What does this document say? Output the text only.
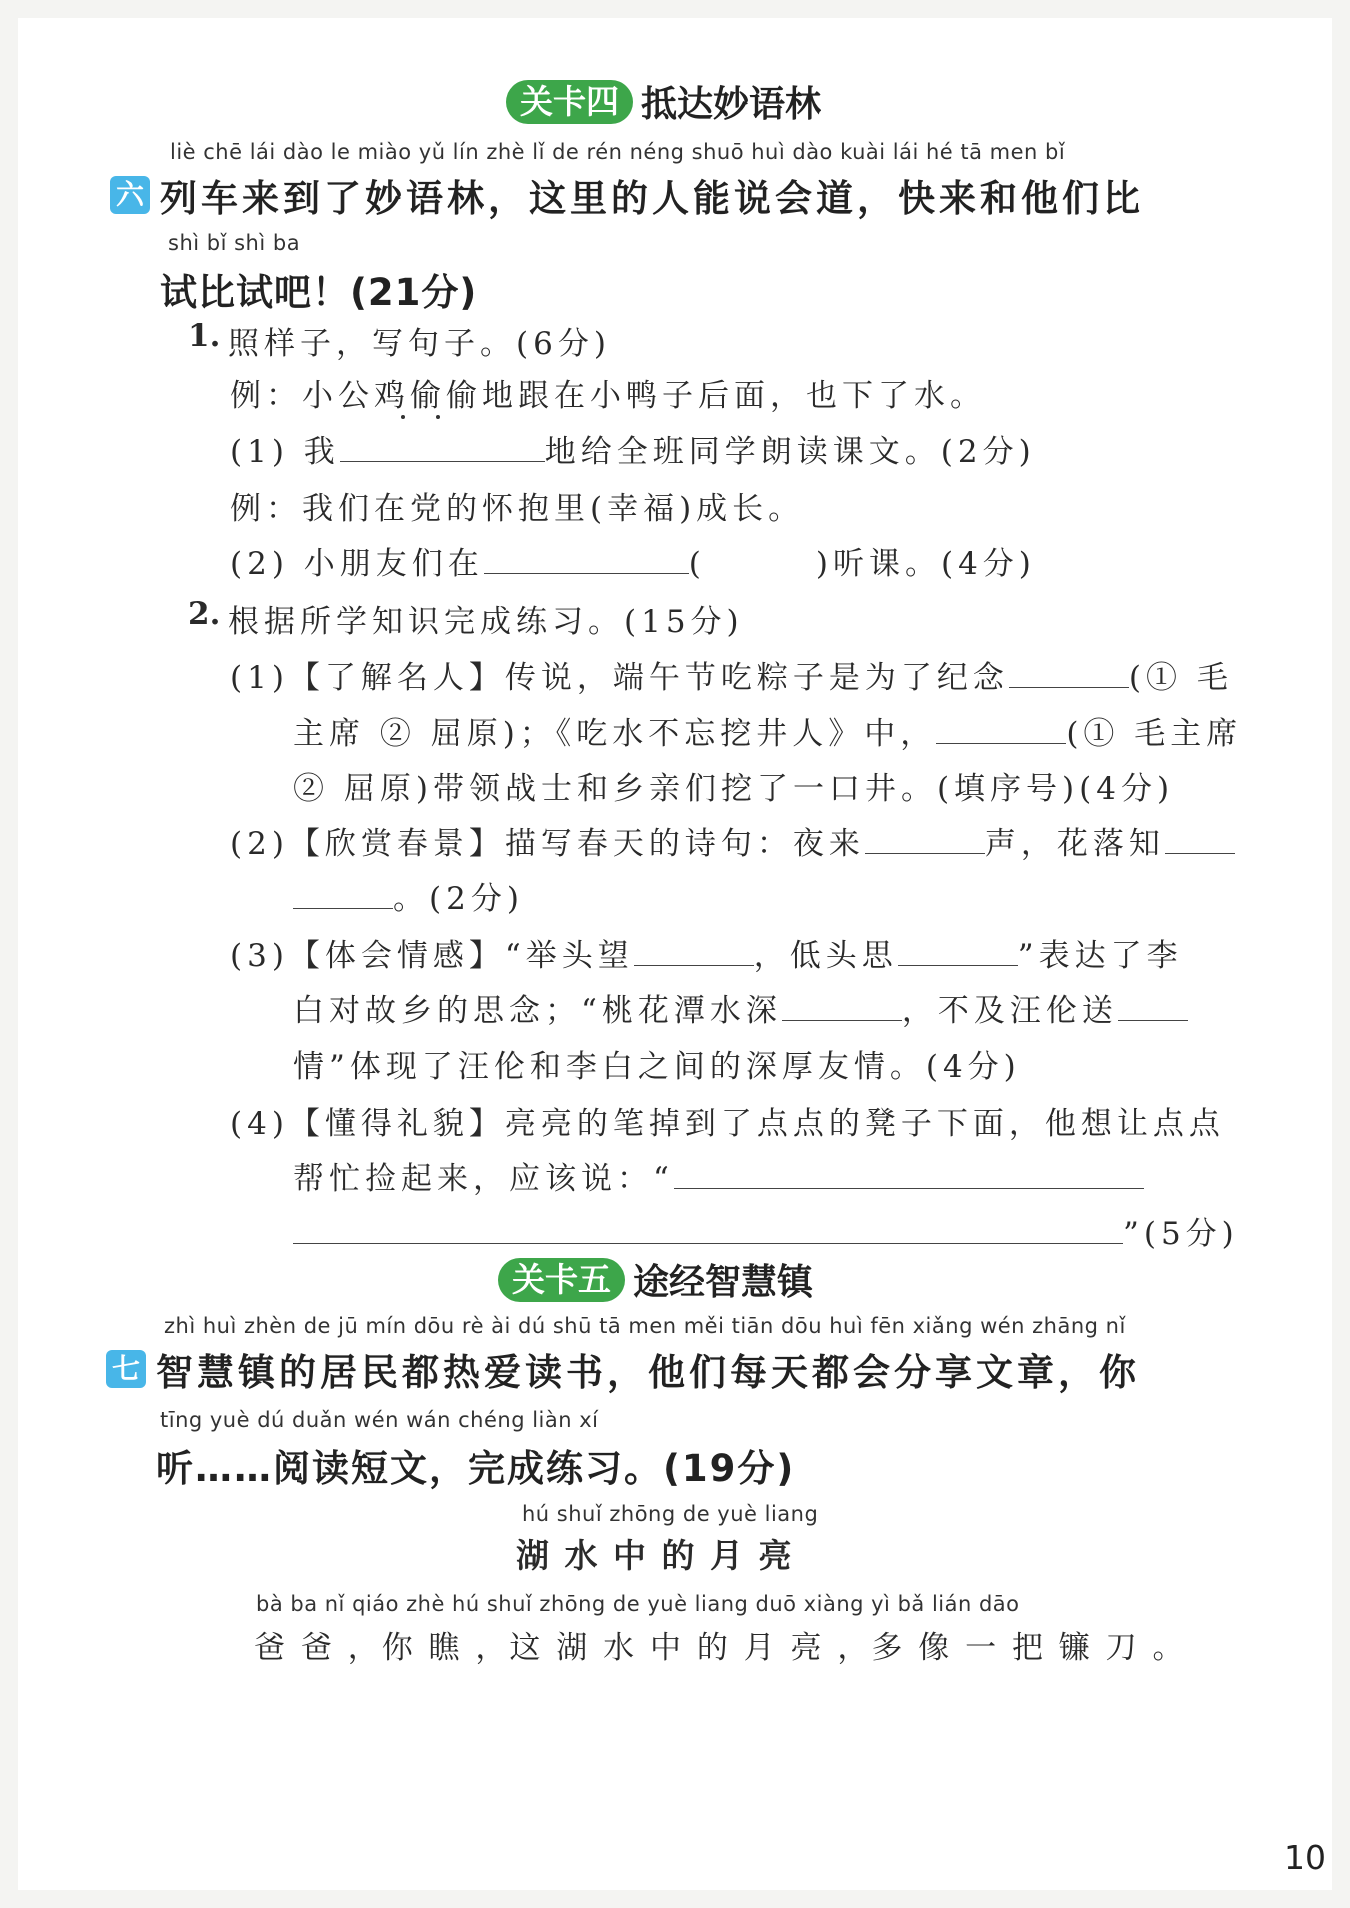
关卡四 抵达妙语林
liè chē lái dào le miào yǔ lín zhè lǐ de rén néng shuō huì dào kuài lái hé tā men bǐ
六 列车来到了妙语林，这里的人能说会道，快来和他们比
shì bǐ shì ba
试比试吧！(21分)
1. 照样子，写句子。(6分)
例：小公鸡偷偷地跟在小鸭子后面，也下了水。
(1) 我	地给全班同学朗读课文。(2分)
例：我们在党的怀抱里(幸福)成长。
(2) 小朋友们在	(	)听课。(4分)
2. 根据所学知识完成练习。(15分)
(1)【了解名人】传说，端午节吃粽子是为了纪念	(① 毛
主席 ② 屈原)；《吃水不忘挖井人》中，	(① 毛主席
② 屈原)带领战士和乡亲们挖了一口井。(填序号)(4分)
(2)【欣赏春景】描写春天的诗句：夜来	声，花落知
。(2分)
(3)【体会情感】“举头望	，低头思	”表达了李
白对故乡的思念；“桃花潭水深	，不及汪伦送
情”体现了汪伦和李白之间的深厚友情。(4分)
(4)【懂得礼貌】亮亮的笔掉到了点点的凳子下面，他想让点点
帮忙捡起来，应该说：“
”(5分)
关卡五 途经智慧镇
zhì huì zhèn de jū mín dōu rè ài dú shū tā men měi tiān dōu huì fēn xiǎng wén zhāng nǐ
七 智慧镇的居民都热爱读书，他们每天都会分享文章，你
tīng yuè dú duǎn wén wán chéng liàn xí
听……阅读短文，完成练习。(19分)
hú shuǐ zhōng de yuè liang
湖 水 中 的 月 亮
bà ba nǐ qiáo zhè hú shuǐ zhōng de yuè liang duō xiàng yì bǎ lián dāo
爸 爸 ，你 瞧 ，这 湖 水 中 的 月 亮 ，多 像 一 把 镰 刀 。
10
